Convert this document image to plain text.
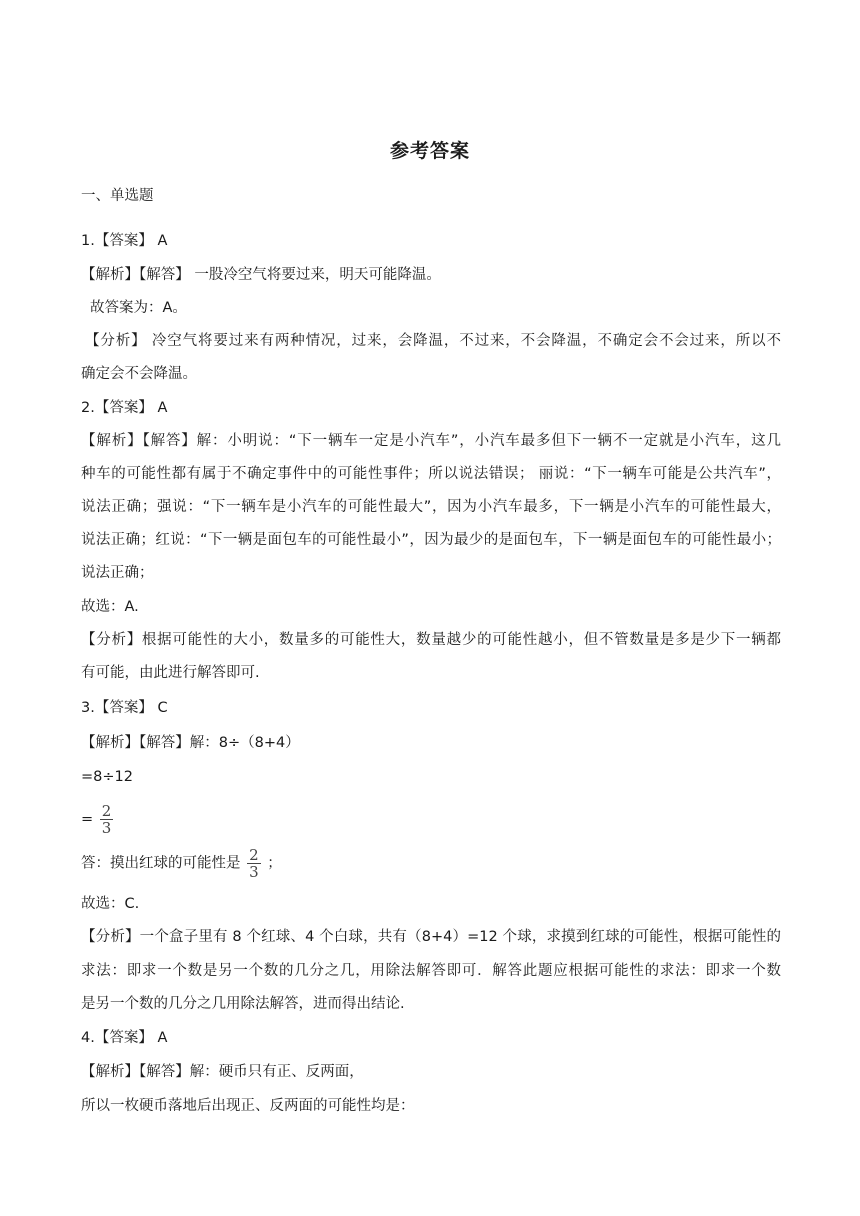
参考答案
一、单选题
1.【答案】 A
【解析】【解答】 一股冷空气将要过来，明天可能降温。
故答案为：A。
【分析】 冷空气将要过来有两种情况，过来，会降温，不过来，不会降温，不确定会不会过来，所以不
确定会不会降温。
2.【答案】 A
【解析】【解答】解：小明说：“下一辆车一定是小汽车”，小汽车最多但下一辆不一定就是小汽车，这几
种车的可能性都有属于不确定事件中的可能性事件；所以说法错误； 丽说：“下一辆车可能是公共汽车”，
说法正确；强说：“下一辆车是小汽车的可能性最大”，因为小汽车最多，下一辆是小汽车的可能性最大，
说法正确；红说：“下一辆是面包车的可能性最小”，因为最少的是面包车，下一辆是面包车的可能性最小；
说法正确；
故选：A.
【分析】根据可能性的大小，数量多的可能性大，数量越少的可能性越小，但不管数量是多是少下一辆都
有可能，由此进行解答即可.
3.【答案】 C
【解析】【解答】解：8÷（8+4）
=8÷12
= $\frac{2}{3}$
答：摸出红球的可能性是 $\frac{2}{3}$ ；
故选：C.
【分析】一个盒子里有 8 个红球、4 个白球，共有（8+4）=12 个球，求摸到红球的可能性，根据可能性的
求法：即求一个数是另一个数的几分之几，用除法解答即可．解答此题应根据可能性的求法：即求一个数
是另一个数的几分之几用除法解答，进而得出结论.
4.【答案】 A
【解析】【解答】解：硬币只有正、反两面，
所以一枚硬币落地后出现正、反两面的可能性均是：
